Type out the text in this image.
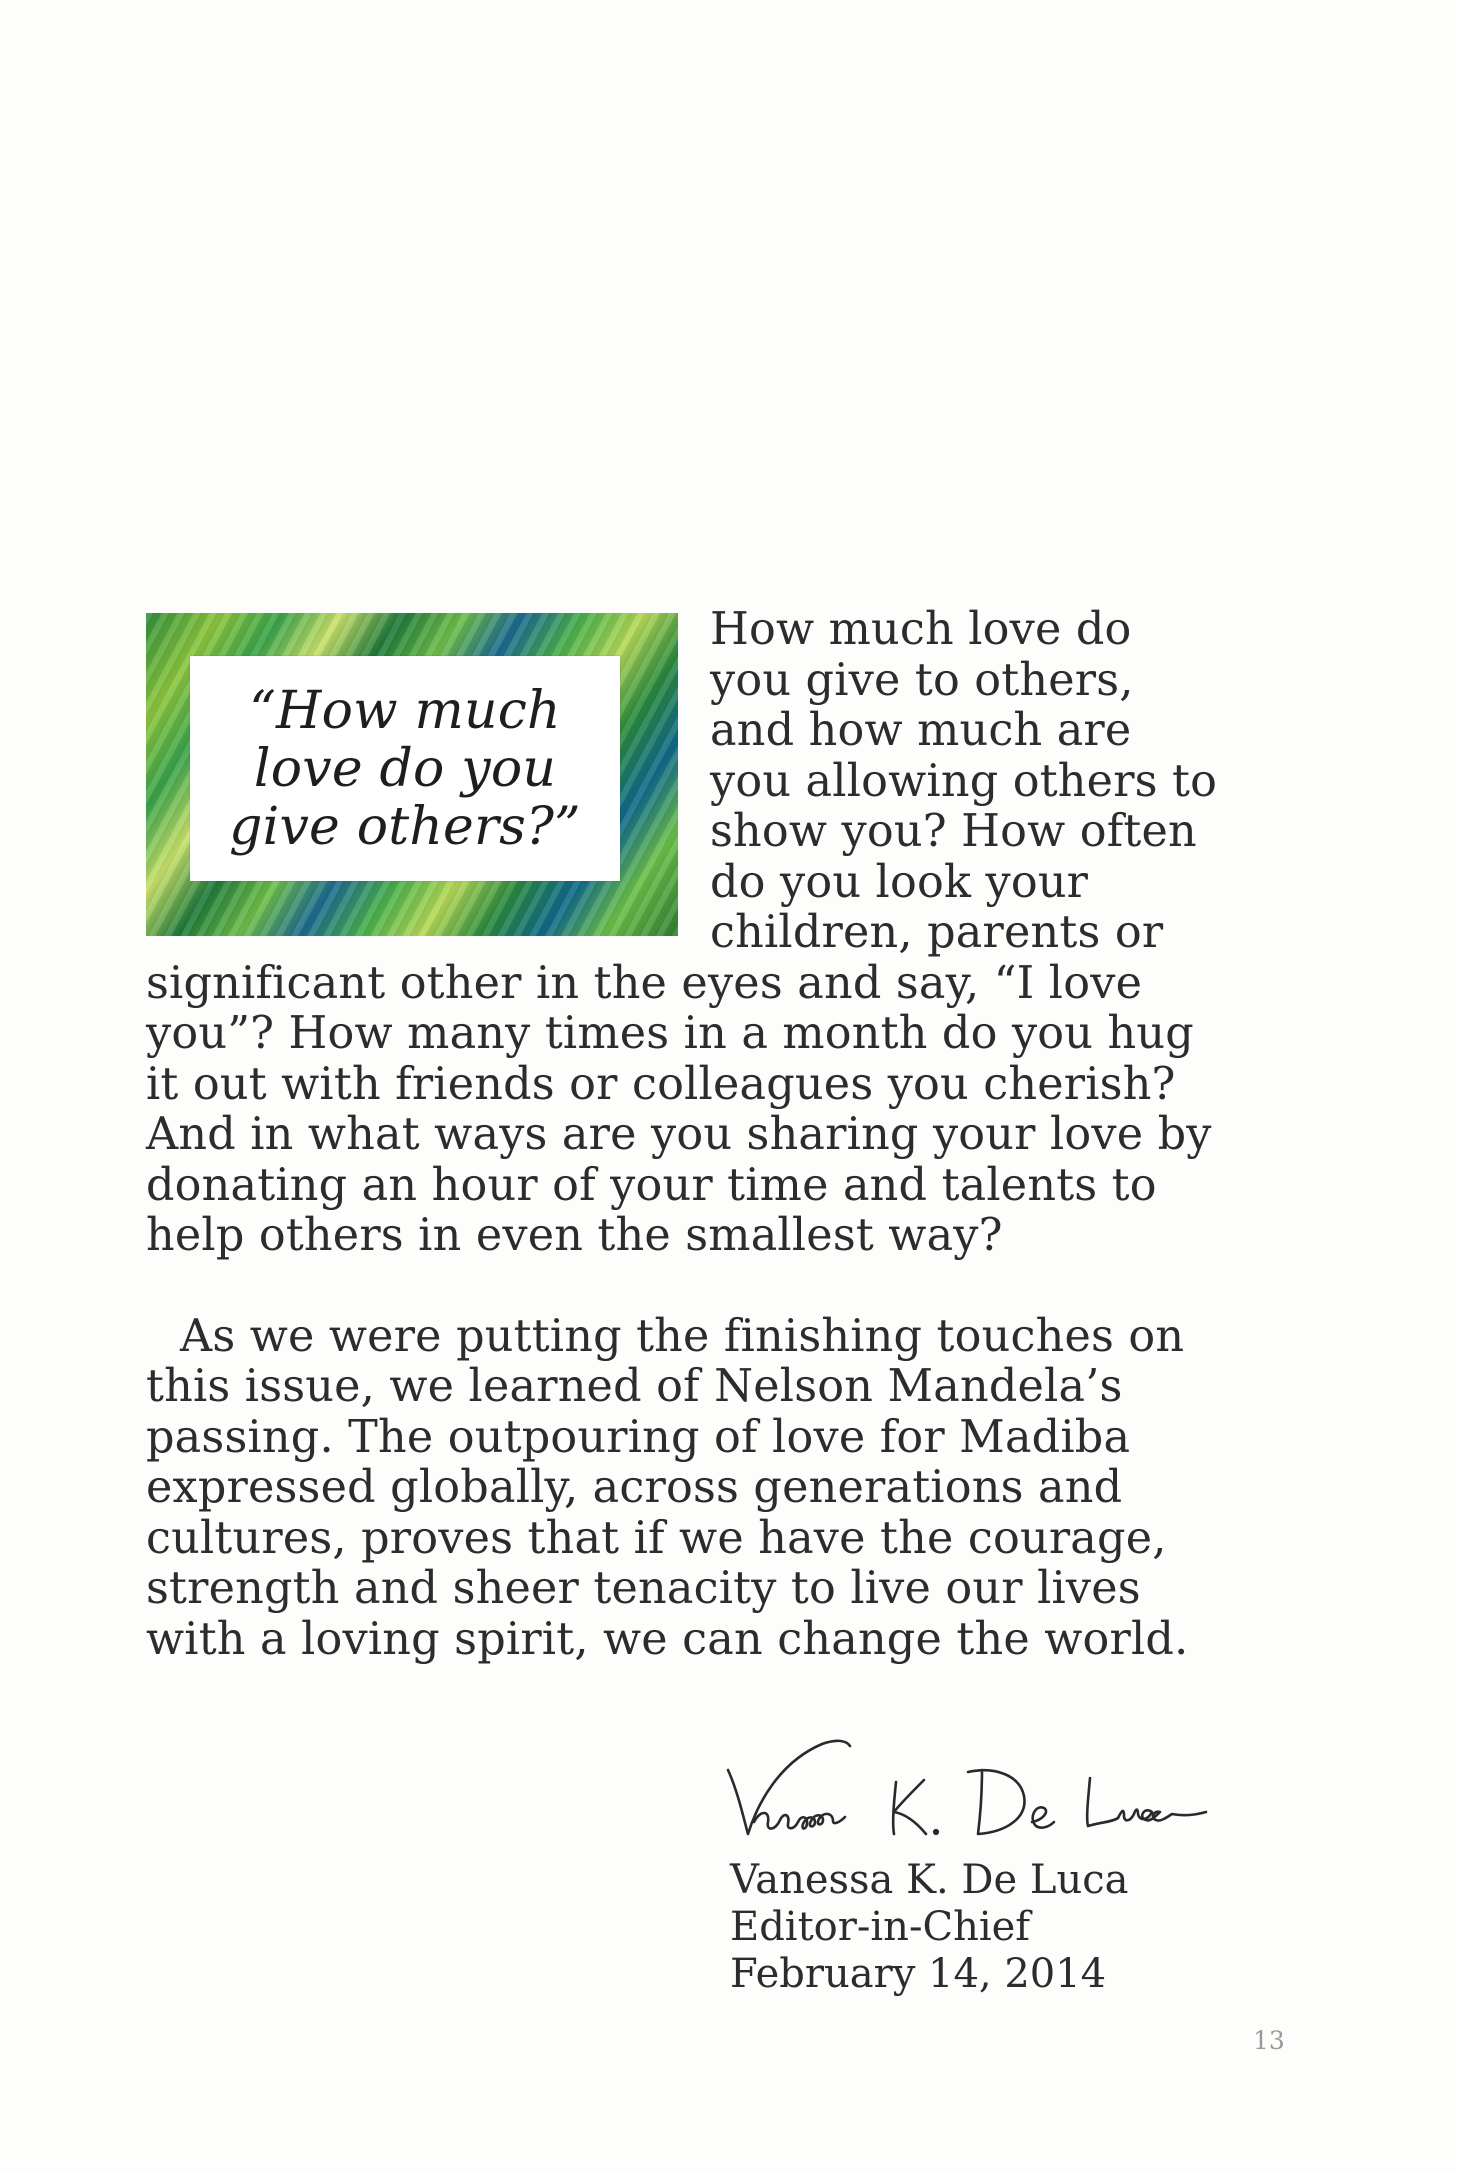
“How much
love do you
give others?”

How much love do you give to others, and how much are you allowing others to show you? How often do you look your children, parents or significant other in the eyes and say, “I love you”? How many times in a month do you hug it out with friends or colleagues you cherish? And in what ways are you sharing your love by donating an hour of your time and talents to help others in even the smallest way?

As we were putting the finishing touches on this issue, we learned of Nelson Mandela’s passing. The outpouring of love for Madiba expressed globally, across generations and cultures, proves that if we have the courage, strength and sheer tenacity to live our lives with a loving spirit, we can change the world.

Vanessa K. De Luca
Editor-in-Chief
February 14, 2014
13
